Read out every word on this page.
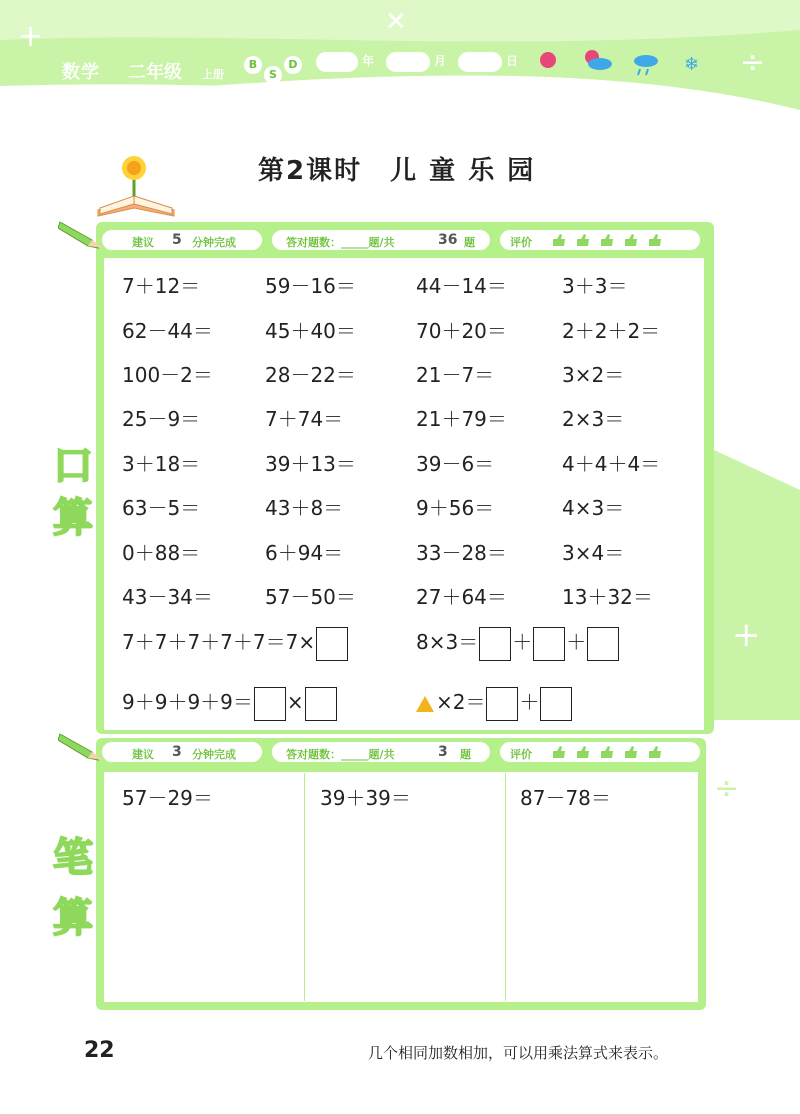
+	✕
÷
数学 二年级 上册
B
S
D	年	月	日	❄
第2课时　儿 童 乐 园
+
建议 5 分钟完成	答对题数：_____题/共	36 题	评价
口
算
7＋12＝	59－16＝	44－14＝	3＋3＝
62－44＝	45＋40＝	70＋20＝	2＋2＋2＝
100－2＝	28－22＝	21－7＝	3×2＝
25－9＝	7＋74＝	21＋79＝	2×3＝
3＋18＝	39＋13＝	39－6＝	4＋4＋4＝
63－5＝	43＋8＝	9＋56＝	4×3＝
0＋88＝	6＋94＝	33－28＝	3×4＝
43－34＝	57－50＝	27＋64＝	13＋32＝
7＋7＋7＋7＋7＝7×	8×3＝ ＋ ＋
9＋9＋9＋9＝ ×	×2＝ ＋
÷
建议 3 分钟完成	答对题数：_____题/共	3 题	评价
笔
算
57－29＝	39＋39＝	87－78＝
22	几个相同加数相加，可以用乘法算式来表示。
